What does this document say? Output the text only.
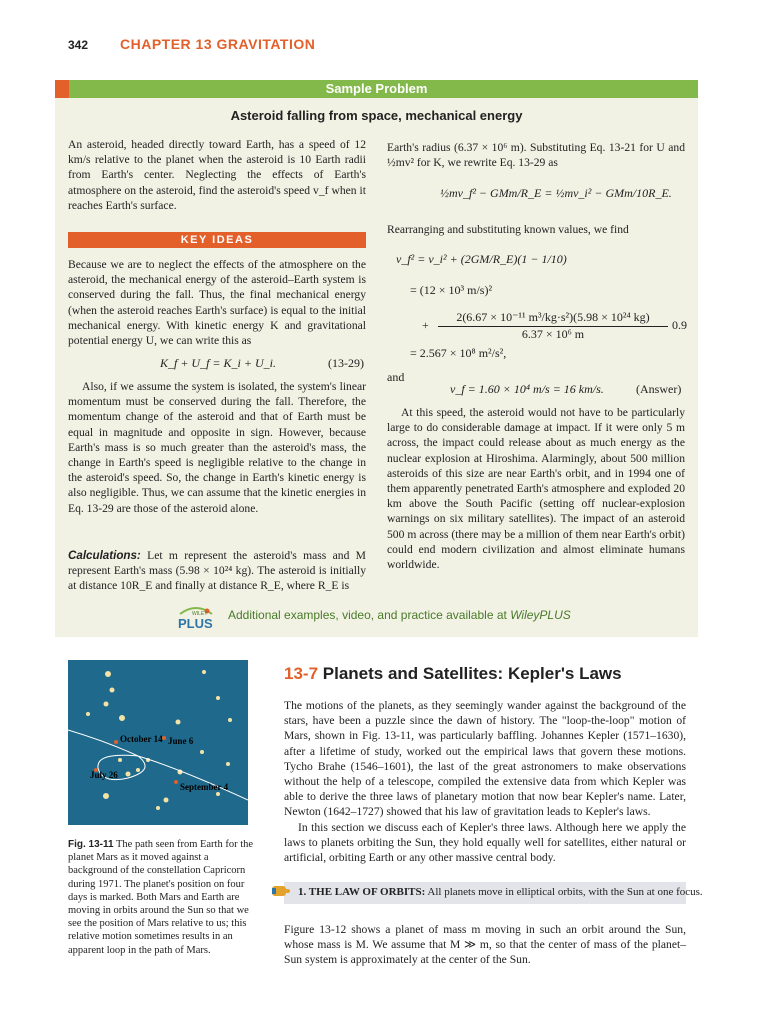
342 CHAPTER 13 GRAVITATION
Sample Problem
Asteroid falling from space, mechanical energy

An asteroid, headed directly toward Earth, has a speed of 12 km/s relative to the planet when the asteroid is 10 Earth radii from Earth's center. Neglecting the effects of Earth's atmosphere on the asteroid, find the asteroid's speed v_f when it reaches Earth's surface.

KEY IDEAS

Because we are to neglect the effects of the atmosphere on the asteroid, the mechanical energy of the asteroid–Earth system is conserved during the fall. Thus, the final mechanical energy (when the asteroid reaches Earth's surface) is equal to the initial mechanical energy. With kinetic energy K and gravitational potential energy U, we can write this as

K_f + U_f = K_i + U_i.	(13-29)

Also, if we assume the system is isolated, the system's linear momentum must be conserved during the fall. Therefore, the momentum change of the asteroid and that of Earth must be equal in magnitude and opposite in sign. However, because Earth's mass is so much greater than the asteroid's mass, the change in Earth's speed is negligible relative to the change in the asteroid's speed. So, the change in Earth's kinetic energy is also negligible. Thus, we can assume that the kinetic energies in Eq. 13-29 are those of the asteroid alone.

Calculations: Let m represent the asteroid's mass and M represent Earth's mass (5.98 × 10²⁴ kg). The asteroid is initially at distance 10R_E and finally at distance R_E, where R_E is

Earth's radius (6.37 × 10⁶ m). Substituting Eq. 13-21 for U and ½mv² for K, we rewrite Eq. 13-29 as

½mv_f² − GMm/R_E = ½mv_i² − GMm/10R_E.

Rearranging and substituting known values, we find

v_f² = v_i² + (2GM/R_E)(1 − 1/10)
= (12 × 10³ m/s)²
+ $\frac{\text{2(6.67 × 10⁻¹¹ m³/kg·s²)(5.98 × 10²⁴ kg)}}{\text{6.37 × 10⁶ m}} 0.9$
= 2.567 × 10⁸ m²/s²,
and
v_f = 1.60 × 10⁴ m/s = 16 km/s.	(Answer)

At this speed, the asteroid would not have to be particularly large to do considerable damage at impact. If it were only 5 m across, the impact could release about as much energy as the nuclear explosion at Hiroshima. Alarmingly, about 500 million asteroids of this size are near Earth's orbit, and in 1994 one of them apparently penetrated Earth's atmosphere and exploded 20 km above the South Pacific (setting off nuclear-explosion warnings on six military satellites). The impact of an asteroid 500 m across (there may be a million of them near Earth's orbit) could end modern civilization and almost eliminate humans worldwide.

WILEY
PLUS
Additional examples, video, and practice available at WileyPLUS
October 14 June 6
July 26
September 4
Fig. 13-11 The path seen from Earth for the planet Mars as it moved against a background of the constellation Capricorn during 1971. The planet's position on four days is marked. Both Mars and Earth are moving in orbits around the Sun so that we see the position of Mars relative to us; this relative motion sometimes results in an apparent loop in the path of Mars.
13-7 Planets and Satellites: Kepler's Laws

The motions of the planets, as they seemingly wander against the background of the stars, have been a puzzle since the dawn of history. The "loop-the-loop" motion of Mars, shown in Fig. 13-11, was particularly baffling. Johannes Kepler (1571–1630), after a lifetime of study, worked out the empirical laws that govern these motions. Tycho Brahe (1546–1601), the last of the great astronomers to make observations without the help of a telescope, compiled the extensive data from which Kepler was able to derive the three laws of planetary motion that now bear Kepler's name. Later, Newton (1642–1727) showed that his law of gravitation leads to Kepler's laws.

In this section we discuss each of Kepler's three laws. Although here we apply the laws to planets orbiting the Sun, they hold equally well for satellites, either natural or artificial, orbiting Earth or any other massive central body.

1. THE LAW OF ORBITS: All planets move in elliptical orbits, with the Sun at one focus.

Figure 13-12 shows a planet of mass m moving in such an orbit around the Sun, whose mass is M. We assume that M ≫ m, so that the center of mass of the planet–Sun system is approximately at the center of the Sun.
